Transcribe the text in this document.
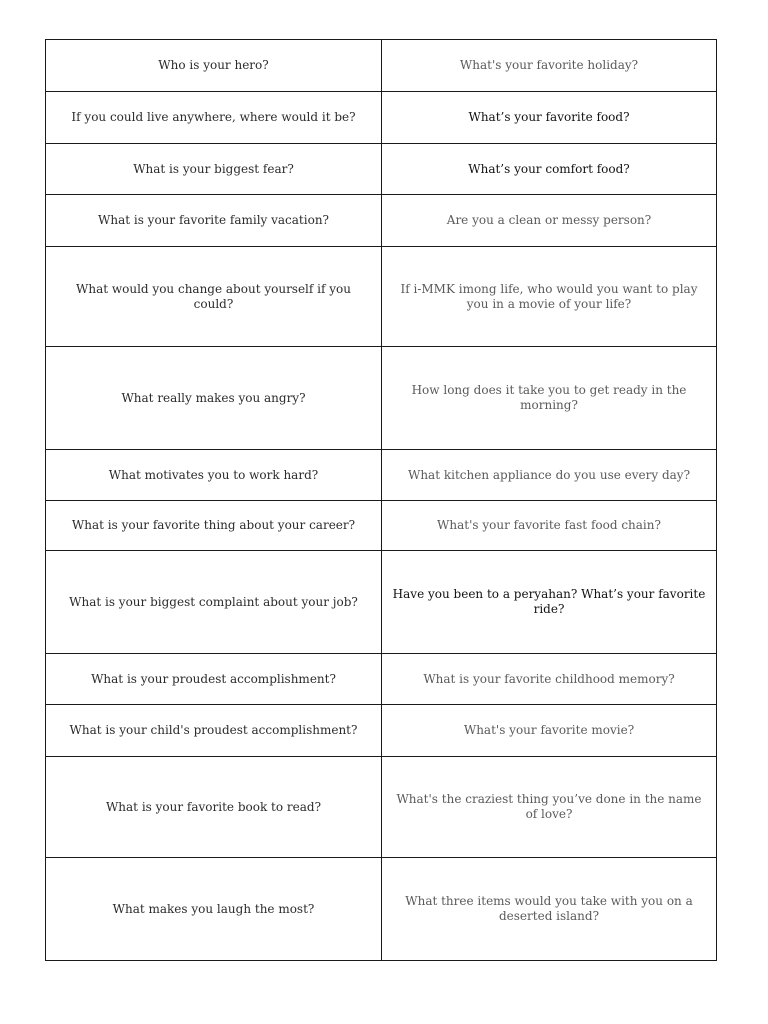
Who is your hero?	What's your favorite holiday?
If you could live anywhere, where would it be?	What’s your favorite food?
What is your biggest fear?	What’s your comfort food?
What is your favorite family vacation?	Are you a clean or messy person?
What would you change about yourself if you could?	If i-MMK imong life, who would you want to play you in a movie of your life?
What really makes you angry?	How long does it take you to get ready in the morning?
What motivates you to work hard?	What kitchen appliance do you use every day?
What is your favorite thing about your career?	What's your favorite fast food chain?
What is your biggest complaint about your job?	Have you been to a peryahan? What’s your favorite ride?
What is your proudest accomplishment?	What is your favorite childhood memory?
What is your child's proudest accomplishment?	What's your favorite movie?
What is your favorite book to read?	What's the craziest thing you’ve done in the name of love?
What makes you laugh the most?	What three items would you take with you on a deserted island?
